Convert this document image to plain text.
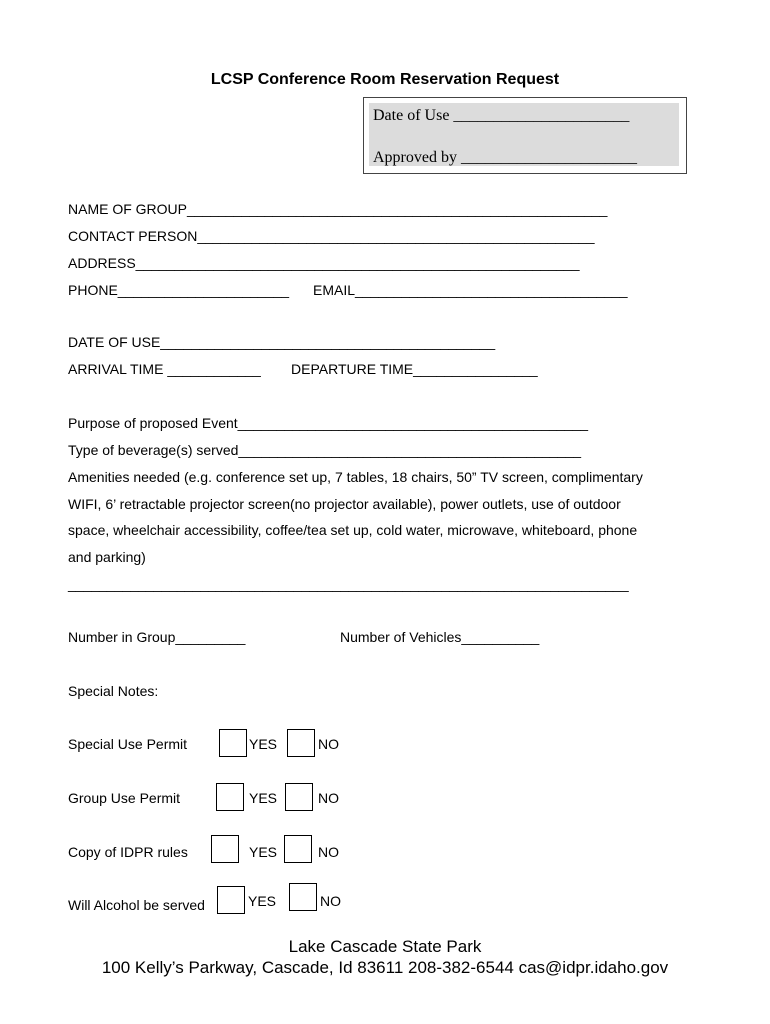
LCSP Conference Room Reservation Request
Date of Use ______________________
Approved by ______________________
NAME OF GROUP______________________________________________________
CONTACT PERSON___________________________________________________
ADDRESS_________________________________________________________
PHONE______________________ EMAIL___________________________________
DATE OF USE___________________________________________
ARRIVAL TIME ____________ DEPARTURE TIME________________
Purpose of proposed Event_____________________________________________
Type of beverage(s) served____________________________________________
Amenities needed (e.g. conference set up, 7 tables, 18 chairs, 50” TV screen, complimentary
WIFI, 6’ retractable projector screen(no projector available), power outlets, use of outdoor
space, wheelchair accessibility, coffee/tea set up, cold water, microwave, whiteboard, phone
and parking)
________________________________________________________________________
Number in Group_________	Number of Vehicles__________
Special Notes:
Special Use Permit	YES	NO
Group Use Permit	YES	NO
Copy of IDPR rules	YES	NO
Will Alcohol be served	YES	NO
Lake Cascade State Park
100 Kelly’s Parkway, Cascade, Id 83611 208-382-6544 cas@idpr.idaho.gov
